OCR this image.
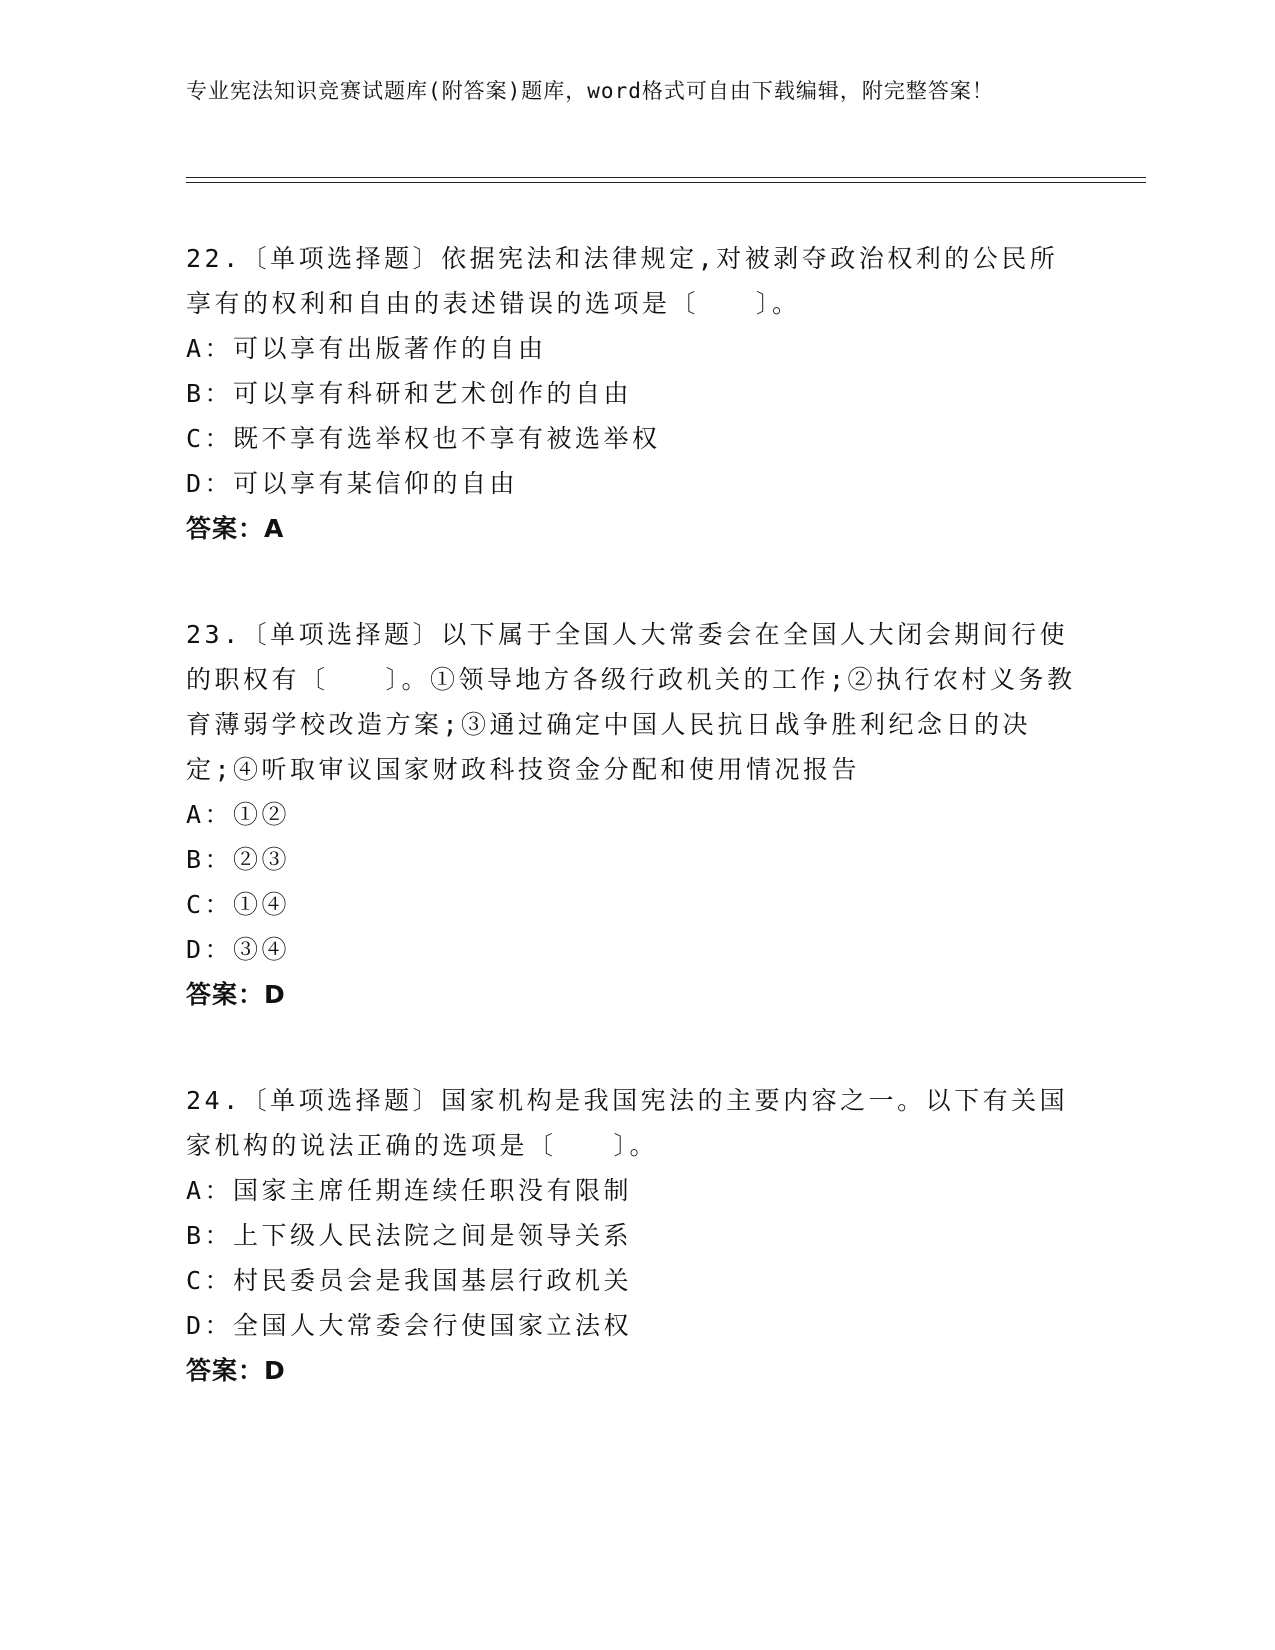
专业宪法知识竞赛试题库(附答案)题库，word格式可自由下载编辑，附完整答案！

22.〔单项选择题〕依据宪法和法律规定,对被剥夺政治权利的公民所享有的权利和自由的表述错误的选项是〔　　〕。

A：可以享有出版著作的自由

B：可以享有科研和艺术创作的自由

C：既不享有选举权也不享有被选举权

D：可以享有某信仰的自由

答案：A

23.〔单项选择题〕以下属于全国人大常委会在全国人大闭会期间行使的职权有〔　　〕。①领导地方各级行政机关的工作;②执行农村义务教育薄弱学校改造方案;③通过确定中国人民抗日战争胜利纪念日的决定;④听取审议国家财政科技资金分配和使用情况报告

A：①②

B：②③

C：①④

D：③④

答案：D

24.〔单项选择题〕国家机构是我国宪法的主要内容之一。以下有关国家机构的说法正确的选项是〔　　〕。

A：国家主席任期连续任职没有限制

B：上下级人民法院之间是领导关系

C：村民委员会是我国基层行政机关

D：全国人大常委会行使国家立法权

答案：D
